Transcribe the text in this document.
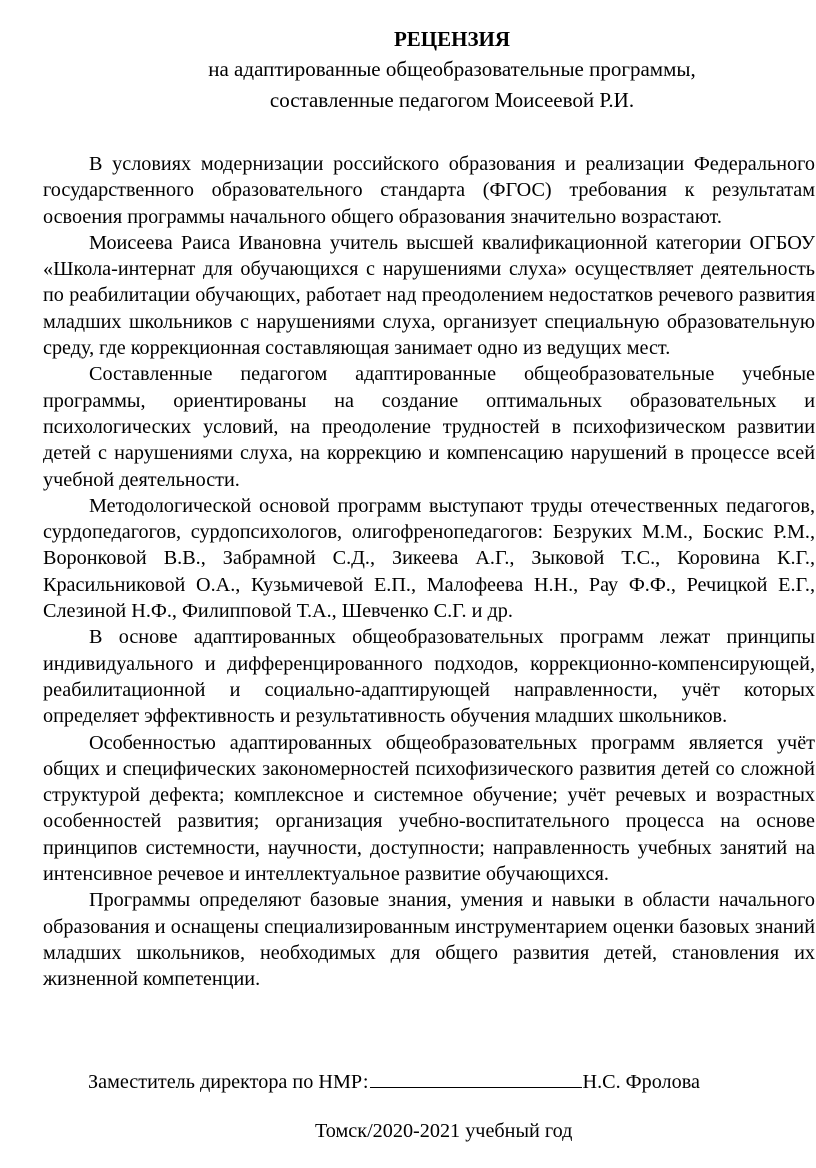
РЕЦЕНЗИЯ
на адаптированные общеобразовательные программы,
составленные педагогом Моисеевой Р.И.

В условиях модернизации российского образования и реализации Федерального государственного образовательного стандарта (ФГОС) требования к результатам освоения программы начального общего образования значительно возрастают.

Моисеева Раиса Ивановна учитель высшей квалификационной категории ОГБОУ «Школа-интернат для обучающихся с нарушениями слуха» осуществляет деятельность по реабилитации обучающих, работает над преодолением недостатков речевого развития младших школьников с нарушениями слуха, организует специальную образовательную среду, где коррекционная составляющая занимает одно из ведущих мест.

Составленные педагогом адаптированные общеобразовательные учебные программы, ориентированы на создание оптимальных образовательных и психологических условий, на преодоление трудностей в психофизическом развитии детей с нарушениями слуха, на коррекцию и компенсацию нарушений в процессе всей учебной деятельности.

Методологической основой программ выступают труды отечественных педагогов, сурдопедагогов, сурдопсихологов, олигофренопедагогов: Безруких М.М., Боскис Р.М., Воронковой В.В., Забрамной С.Д., Зикеева А.Г., Зыковой Т.С., Коровина К.Г., Красильниковой О.А., Кузьмичевой Е.П., Малофеева Н.Н., Рау Ф.Ф., Речицкой Е.Г., Слезиной Н.Ф., Филипповой Т.А., Шевченко С.Г. и др.

В основе адаптированных общеобразовательных программ лежат принципы индивидуального и дифференцированного подходов, коррекционно-компенсирующей, реабилитационной и социально-адаптирующей направленности, учёт которых определяет эффективность и результативность обучения младших школьников.

Особенностью адаптированных общеобразовательных программ является учёт общих и специфических закономерностей психофизического развития детей со сложной структурой дефекта; комплексное и системное обучение; учёт речевых и возрастных особенностей развития; организация учебно-воспитательного процесса на основе принципов системности, научности, доступности; направленность учебных занятий на интенсивное речевое и интеллектуальное развитие обучающихся.

Программы определяют базовые знания, умения и навыки в области начального образования и оснащены специализированным инструментарием оценки базовых знаний младших школьников, необходимых для общего развития детей, становления их жизненной компетенции.

Заместитель директора по НМР:	Н.С. Фролова
Томск/2020-2021 учебный год
